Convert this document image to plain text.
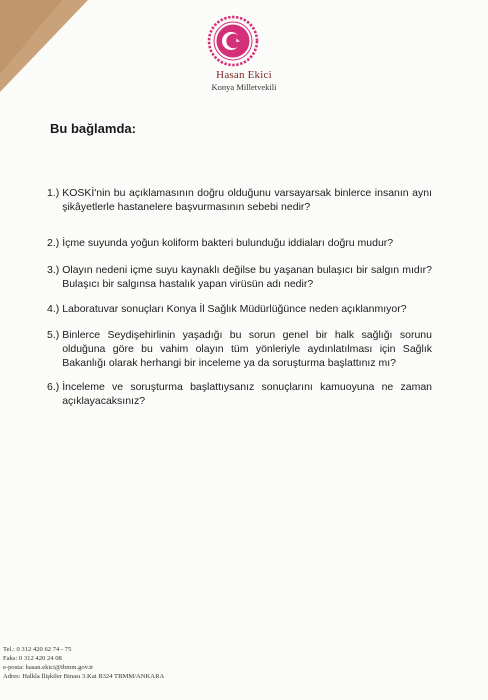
Hasan Ekici
Konya Milletvekili
Bu bağlamda:
1.)
KOSKİ'nin bu açıklamasının doğru olduğunu varsayarsak binlerce insanın aynı şikâyetlerle hastanelere başvurmasının sebebi nedir?
2.)
İçme suyunda yoğun koliform bakteri bulunduğu iddiaları doğru mudur?
3.)
Olayın nedeni içme suyu kaynaklı değilse bu yaşanan bulaşıcı bir salgın mıdır? Bulaşıcı bir salgınsa hastalık yapan virüsün adı nedir?
4.)
Laboratuvar sonuçları Konya İl Sağlık Müdürlüğünce neden açıklanmıyor?
5.)
Binlerce Seydişehirlinin yaşadığı bu sorun genel bir halk sağlığı sorunu olduğuna göre bu vahim olayın tüm yönleriyle aydınlatılması için Sağlık Bakanlığı olarak herhangi bir inceleme ya da soruşturma başlattınız mı?
6.)
İnceleme ve soruşturma başlattıysanız sonuçlarını kamuoyuna ne zaman açıklayacaksınız?
Tel.: 0 312 420 62 74 - 75
Faks: 0 312 420 24 08
e-posta: hasan.ekici@tbmm.gov.tr
Adres: Halkla İlişkiler Binası 3.Kat B324 TBMM/ANKARA
